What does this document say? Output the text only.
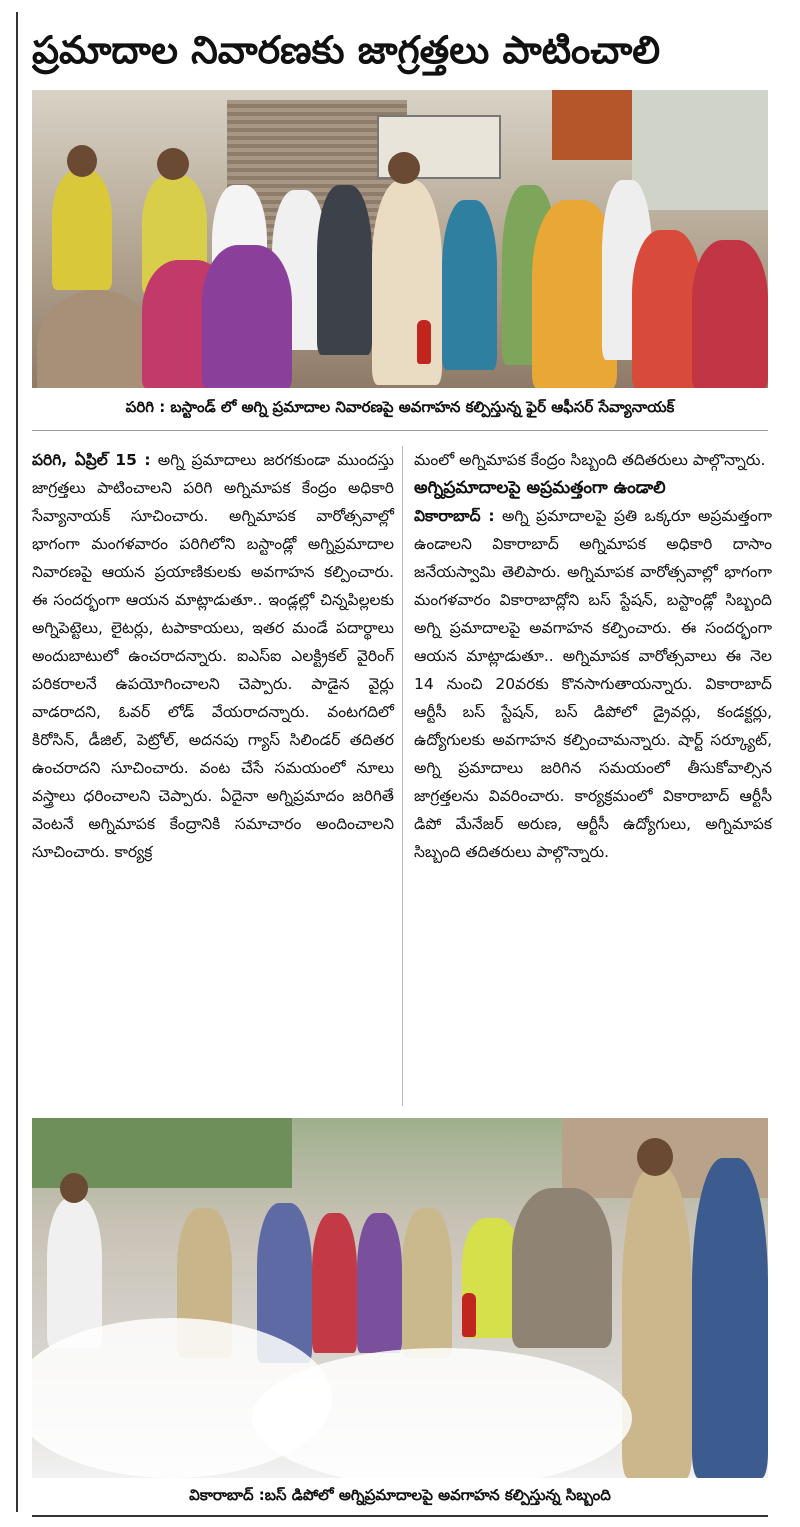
ప్రమాదాల నివారణకు జాగ్రత్తలు పాటించాలి
పరిగి : బస్టాండ్ లో అగ్ని ప్రమాదాల నివారణపై అవగాహన కల్పిస్తున్న ఫైర్ ఆఫీసర్ సేవ్యానాయక్

పరిగి, ఏప్రిల్ 15 : అగ్ని ప్రమాదాలు జరగకుండా ముందస్తు జాగ్రత్తలు పాటించాలని పరిగి అగ్నిమాపక కేంద్రం అధికారి సేవ్యానాయక్ సూచించారు. అగ్నిమాపక వారోత్సవాల్లో భాగంగా మంగళవారం పరిగిలోని బస్టాండ్లో అగ్నిప్రమాదాల నివారణపై ఆయన ప్రయాణికులకు అవగాహన కల్పించారు. ఈ సందర్భంగా ఆయన మాట్లాడుతూ.. ఇండ్లల్లో చిన్నపిల్లలకు అగ్నిపెట్టెలు, లైటర్లు, టపాకాయలు, ఇతర మండే పదార్థాలు అందుబాటులో ఉంచరాదన్నారు. ఐఎస్ఐ ఎలక్ట్రికల్ వైరింగ్ పరికరాలనే ఉపయోగించాలని చెప్పారు. పాడైన వైర్లు వాడరాదని, ఓవర్ లోడ్ వేయరాదన్నారు. వంటగదిలో కిరోసిన్, డీజిల్, పెట్రోల్, అదనపు గ్యాస్ సిలిండర్ తదితర ఉంచరాదని సూచించారు. వంట చేసే సమయంలో నూలు వస్త్రాలు ధరించాలని చెప్పారు. ఏదైనా అగ్నిప్రమాదం జరిగితే వెంటనే అగ్నిమాపక కేంద్రానికి సమాచారం అందించాలని సూచించారు. కార్యక్ర

మంలో అగ్నిమాపక కేంద్రం సిబ్బంది తదితరులు పాల్గొన్నారు.

అగ్నిప్రమాదాలపై అప్రమత్తంగా ఉండాలి

వికారాబాద్ : అగ్ని ప్రమాదాలపై ప్రతి ఒక్కరూ అప్రమత్తంగా ఉండాలని వికారాబాద్ అగ్నిమాపక అధికారి దాసాం జనేయస్వామి తెలిపారు. అగ్నిమాపక వారోత్సవాల్లో భాగంగా మంగళవారం వికారాబాద్లోని బస్ స్టేషన్, బస్టాండ్లో సిబ్బంది అగ్ని ప్రమాదాలపై అవగాహన కల్పించారు. ఈ సందర్భంగా ఆయన మాట్లాడుతూ.. అగ్నిమాపక వారోత్సవాలు ఈ నెల 14 నుంచి 20వరకు కొనసాగుతాయన్నారు. వికారాబాద్ ఆర్టీసీ బస్ స్టేషన్, బస్ డిపోలో డ్రైవర్లు, కండక్టర్లు, ఉద్యోగులకు అవగాహన కల్పించామన్నారు. షార్ట్ సర్క్యూట్, అగ్ని ప్రమాదాలు జరిగిన సమయంలో తీసుకోవాల్సిన జాగ్రత్తలను వివరించారు. కార్యక్రమంలో వికారాబాద్ ఆర్టీసీ డిపో మేనేజర్ అరుణ, ఆర్టీసీ ఉద్యోగులు, అగ్నిమాపక సిబ్బంది తదితరులు పాల్గొన్నారు.

వికారాబాద్ :బస్ డిపోలో అగ్నిప్రమాదాలపై అవగాహన కల్పిస్తున్న సిబ్బంది
